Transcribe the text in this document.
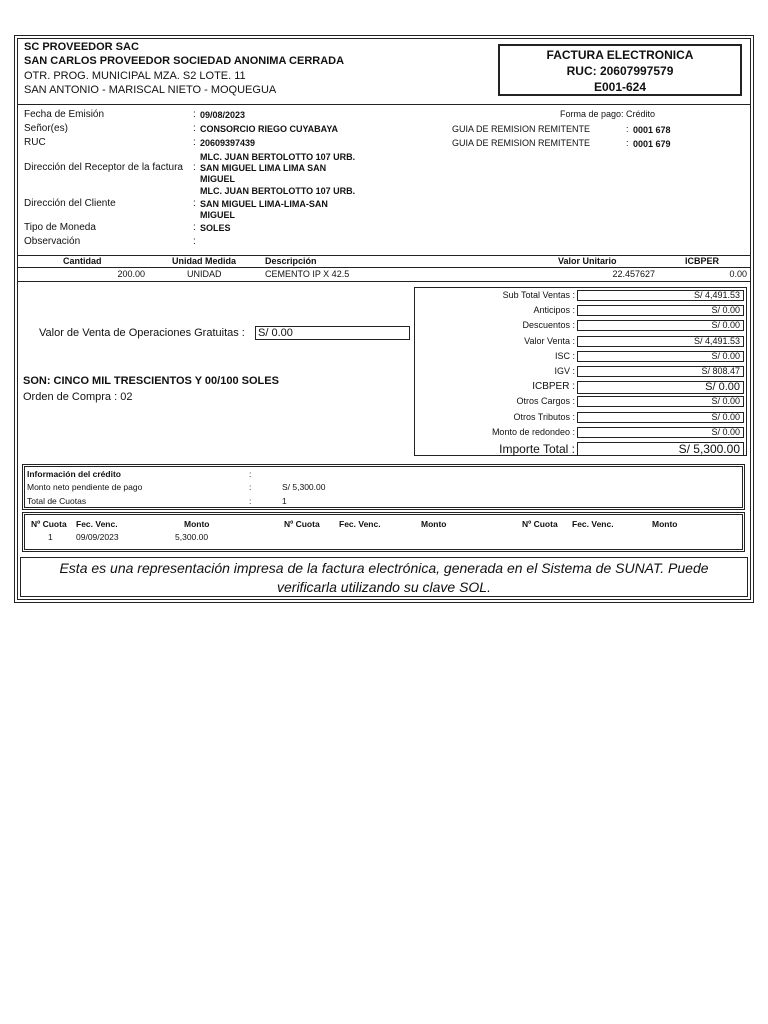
SC PROVEEDOR SAC
SAN CARLOS PROVEEDOR SOCIEDAD ANONIMA CERRADA
OTR. PROG. MUNICIPAL MZA. S2 LOTE. 11
SAN ANTONIO - MARISCAL NIETO - MOQUEGUA
FACTURA ELECTRONICA
RUC: 20607997579
E001-624
Fecha de Emisión	: 09/08/2023
Señor(es)	: CONSORCIO RIEGO CUYABAYA
RUC	: 20609397439
MLC. JUAN BERTOLOTTO 107 URB.
Dirección del Receptor de la factura : SAN MIGUEL LIMA LIMA SAN
MIGUEL
MLC. JUAN BERTOLOTTO 107 URB.
Dirección del Cliente	: SAN MIGUEL LIMA-LIMA-SAN
MIGUEL
Tipo de Moneda	: SOLES
Observación	:
Forma de pago: Crédito
GUIA DE REMISION REMITENTE	: 0001 678
GUIA DE REMISION REMITENTE	: 0001 679
Cantidad	Unidad Medida	Descripción	Valor Unitario	ICBPER
200.00	UNIDAD	CEMENTO IP X 42.5	22.457627	0.00
Valor de Venta de Operaciones Gratuitas : S/ 0.00
SON: CINCO MIL TRESCIENTOS Y 00/100 SOLES
Orden de Compra : 02
Sub Total Ventas :	S/ 4,491.53
Anticipos :	S/ 0.00
Descuentos :	S/ 0.00
Valor Venta :	S/ 4,491.53
ISC :	S/ 0.00
IGV :	S/ 808.47
ICBPER :	S/ 0.00
Otros Cargos :	S/ 0.00
Otros Tributos :	S/ 0.00
Monto de redondeo :	S/ 0.00
Importe Total :	S/ 5,300.00
Información del crédito	:
Monto neto pendiente de pago	:	S/ 5,300.00
Total de Cuotas	:	1
Nº Cuota Fec. Venc.	Monto	Nº Cuota Fec. Venc.	Monto	Nº Cuota Fec. Venc.	Monto
1	09/09/2023	5,300.00
Esta es una representación impresa de la factura electrónica, generada en el Sistema de SUNAT. Puede
verificarla utilizando su clave SOL.
